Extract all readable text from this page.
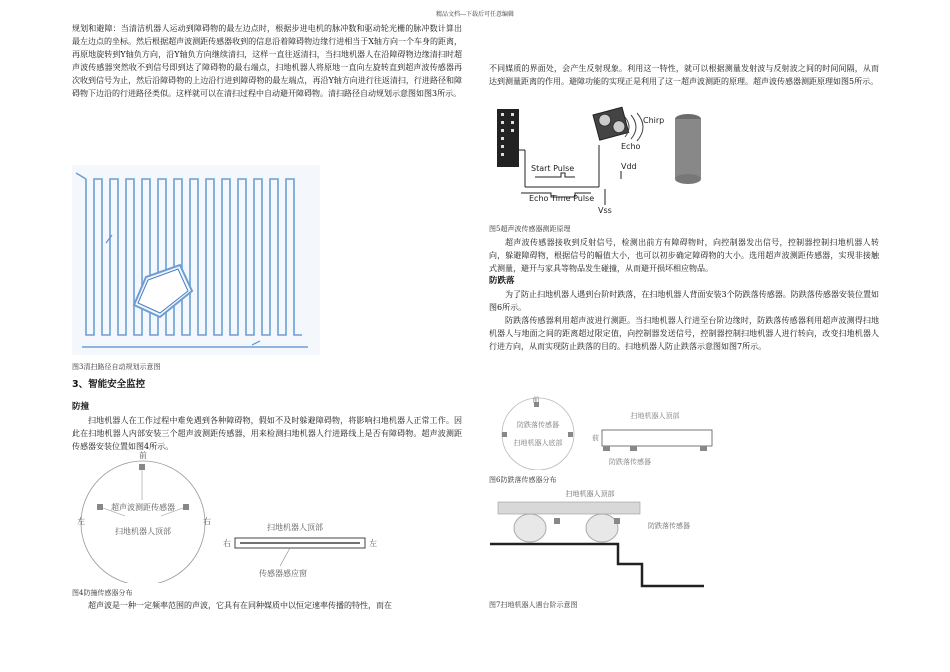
精品文档---下载后可任意编辑

规划和避障：当清洁机器人运动到障碍物的最左边点时，根据步进电机的脉冲数和驱动轮光栅的脉冲数计算出最左边点的坐标。然后根据超声波测距传感器收到的信息沿着障碍物边缘行进相当于X轴方向一个车身的距离，再原地旋转到Y轴负方向，沿Y轴负方向继续清扫，这样一直往返清扫，当扫地机器人在沿障碍物边缘清扫时超声波传感器突然收不到信号即到达了障碍物的最右端点，扫地机器人将原地一直向左旋转直到超声波传感器再次收到信号为止，然后沿障碍物的上边沿行进到障碍物的最左端点，再沿Y轴方向进行往返清扫，行进路径和障碍物下边沿的行进路径类似。这样就可以在清扫过程中自动避开障碍物。清扫路径自动规划示意图如图3所示。

图3清扫路径自动规划示意图
3、智能安全监控
防撞

扫地机器人在工作过程中难免遇到各种障碍物，假如不及时躲避障碍物，将影响扫地机器人正常工作。因此在扫地机器人内部安装三个超声波测距传感器，用来检测扫地机器人行进路线上是否有障碍物。超声波测距传感器安装位置如图4所示。

前
左	右
超声波测距传感器
扫地机器人顶部	扫地机器人顶部
右	左
传感器感应窗
图4防撞传感器分布

超声波是一种一定频率范围的声波，它具有在同种媒质中以恒定速率传播的特性，而在

不同媒质的界面处，会产生反射现象。利用这一特性，就可以根据测量发射波与反射波之间的时间间隔，从而达到测量距离的作用。避障功能的实现正是利用了这一超声波测距的原理。超声波传感器测距原理如图5所示。

Chirp
Echo
Start Pulse	Vdd
Echo Time Pulse
Vss
图5超声波传感器测距原理

超声波传感器接收到反射信号，检测出前方有障碍物时，向控制器发出信号，控制器控制扫地机器人转向，躲避障碍物，根据信号的幅值大小，也可以初步确定障碍物的大小。选用超声波测距传感器，实现非接触式测量，避开与家具等物品发生碰撞，从而避开损坏相应物品。

防跌落

为了防止扫地机器人遇到台阶时跌落，在扫地机器人背面安装3个防跌落传感器。防跌落传感器安装位置如图6所示。

防跌落传感器利用超声波进行测距。当扫地机器人行进至台阶边缘时，防跌落传感器利用超声波测得扫地机器人与地面之间的距离超过限定值，向控制器发送信号，控制器控制扫地机器人进行转向，改变扫地机器人行进方向，从而实现防止跌落的目的。扫地机器人防止跌落示意图如图7所示。

前
防跌落传感器
扫地机器人底部
扫地机器人顶部
前
防跌落传感器
图6防跌落传感器分布
扫地机器人顶部
防跌落传感器
图7扫地机器人遇台阶示意图
